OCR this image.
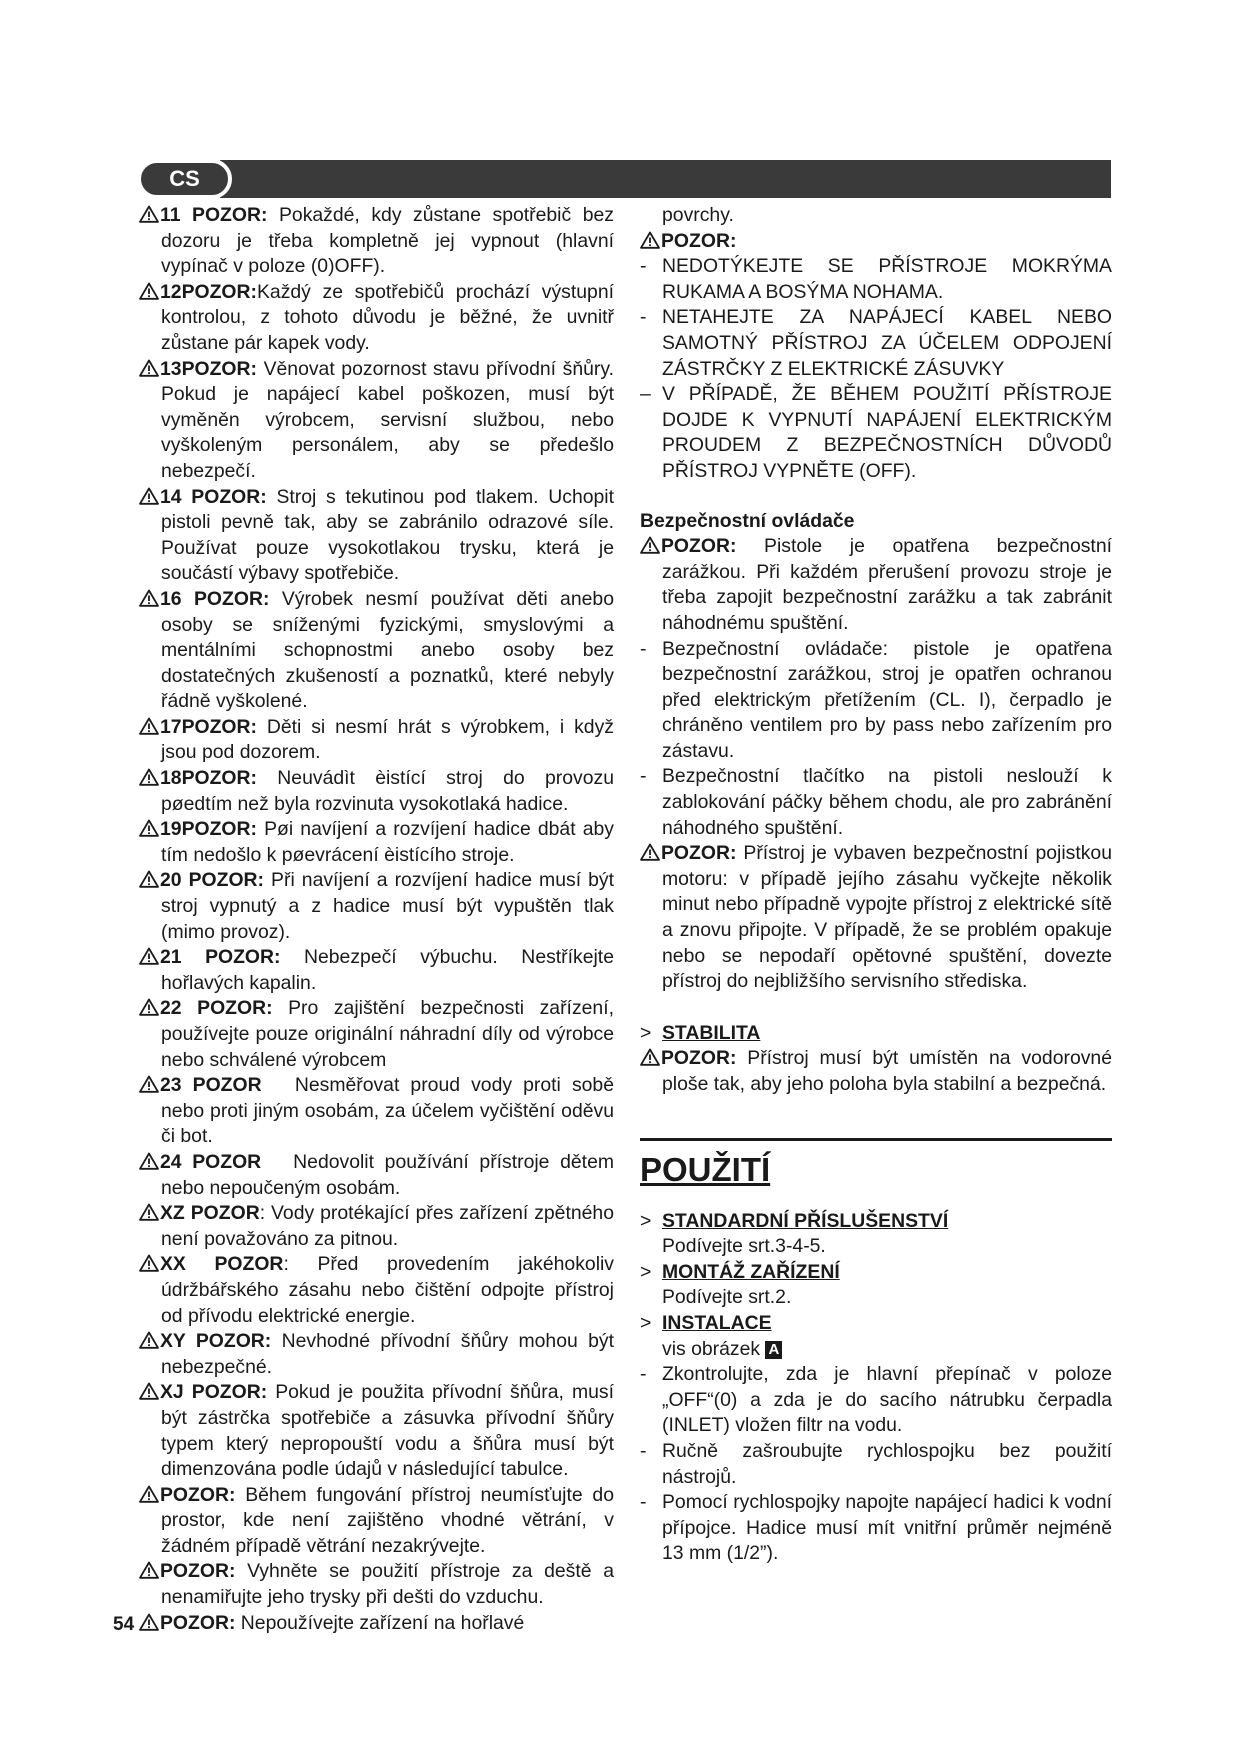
CS

11 POZOR: Pokaždé, kdy zůstane spotřebič bez dozoru je třeba kompletně jej vypnout (hlavní vypínač v poloze (0)OFF).

12POZOR:Každý ze spotřebičů prochází výstupní kontrolou, z tohoto důvodu je běžné, že uvnitř zůstane pár kapek vody.

13POZOR: Věnovat pozornost stavu přívodní šňůry. Pokud je napájecí kabel poškozen, musí být vyměněn výrobcem, servisní službou, nebo vyškoleným personálem, aby se předešlo nebezpečí.

14 POZOR: Stroj s tekutinou pod tlakem. Uchopit pistoli pevně tak, aby se zabránilo odrazové síle. Používat pouze vysokotlakou trysku, která je součástí výbavy spotřebiče.

16 POZOR: Výrobek nesmí používat děti anebo osoby se sníženými fyzickými, smyslovými a mentálními schopnostmi anebo osoby bez dostatečných zkušeností a poznatků, které nebyly řádně vyškolené.

17POZOR: Děti si nesmí hrát s výrobkem, i když jsou pod dozorem.

18POZOR: Neuvádìt èistící stroj do provozu pøedtím než byla rozvinuta vysokotlaká hadice.

19POZOR: Pøi navíjení a rozvíjení hadice dbát aby tím nedošlo k pøevrácení èistícího stroje.

20 POZOR: Při navíjení a rozvíjení hadice musí být stroj vypnutý a z hadice musí být vypuštěn tlak (mimo provoz).

21 POZOR: Nebezpečí výbuchu. Nestříkejte hořlavých kapalin.

22 POZOR: Pro zajištění bezpečnosti zařízení, používejte pouze originální náhradní díly od výrobce nebo schválené výrobcem

23 POZOR   Nesměřovat proud vody proti sobě nebo proti jiným osobám, za účelem vyčištění oděvu či bot.

24 POZOR   Nedovolit používání přístroje dětem nebo nepoučeným osobám.

XZ POZOR: Vody protékající přes zařízení zpětného není považováno za pitnou.

XX POZOR: Před provedením jakéhokoliv údržbářského zásahu nebo čištění odpojte přístroj od přívodu elektrické energie.

XY POZOR: Nevhodné přívodní šňůry mohou být nebezpečné.

XJ POZOR: Pokud je použita přívodní šňůra, musí být zástrčka spotřebiče a zásuvka přívodní šňůry typem který nepropouští vodu a šňůra musí být dimenzována podle údajů v následující tabulce.

POZOR: Během fungování přístroj neumísťujte do prostor, kde není zajištěno vhodné větrání, v žádném případě větrání nezakrývejte.

POZOR: Vyhněte se použití přístroje za deště a nenamiřujte jeho trysky při dešti do vzduchu.

POZOR: Nepoužívejte zařízení na hořlavé

povrchy.

POZOR:

- NEDOTÝKEJTE SE PŘÍSTROJE MOKRÝMA RUKAMA A BOSÝMA NOHAMA.

- NETAHEJTE ZA NAPÁJECÍ KABEL NEBO SAMOTNÝ PŘÍSTROJ ZA ÚČELEM ODPOJENÍ ZÁSTRČKY Z ELEKTRICKÉ ZÁSUVKY

– V PŘÍPADĚ, ŽE BĚHEM POUŽITÍ PŘÍSTROJE DOJDE K VYPNUTÍ NAPÁJENÍ ELEKTRICKÝM PROUDEM Z BEZPEČNOSTNÍCH DŮVODŮ PŘÍSTROJ VYPNĚTE (OFF).

Bezpečnostní ovládače

POZOR: Pistole je opatřena bezpečnostní zarážkou. Při každém přerušení provozu stroje je třeba zapojit bezpečnostní zarážku a tak zabránit náhodnému spuštění.

- Bezpečnostní ovládače: pistole je opatřena bezpečnostní zarážkou, stroj je opatřen ochranou před elektrickým přetížením (CL. I), čerpadlo je chráněno ventilem pro by pass nebo zařízením pro zástavu.

- Bezpečnostní tlačítko na pistoli neslouží k zablokování páčky během chodu, ale pro zabránění náhodného spuštění.

POZOR: Přístroj je vybaven bezpečnostní pojistkou motoru: v případě jejího zásahu vyčkejte několik minut nebo případně vypojte přístroj z elektrické sítě a znovu připojte. V případě, že se problém opakuje nebo se nepodaří opětovné spuštění, dovezte přístroj do nejbližšího servisního střediska.

> STABILITA

POZOR: Přístroj musí být umístěn na vodorovné ploše tak, aby jeho poloha byla stabilní a bezpečná.

POUŽITÍ

> STANDARDNÍ PŘÍSLUŠENSTVÍ

Podívejte srt.3-4-5.

> MONTÁŽ ZAŘÍZENÍ

Podívejte srt.2.

> INSTALACE

vis obrázek A

- Zkontrolujte, zda je hlavní přepínač v poloze „OFF“(0) a zda je do sacího nátrubku čerpadla (INLET) vložen filtr na vodu.

- Ručně zašroubujte rychlospojku bez použití nástrojů.

- Pomocí rychlospojky napojte napájecí hadici k vodní přípojce. Hadice musí mít vnitřní průměr nejméně 13 mm (1/2”).

54
